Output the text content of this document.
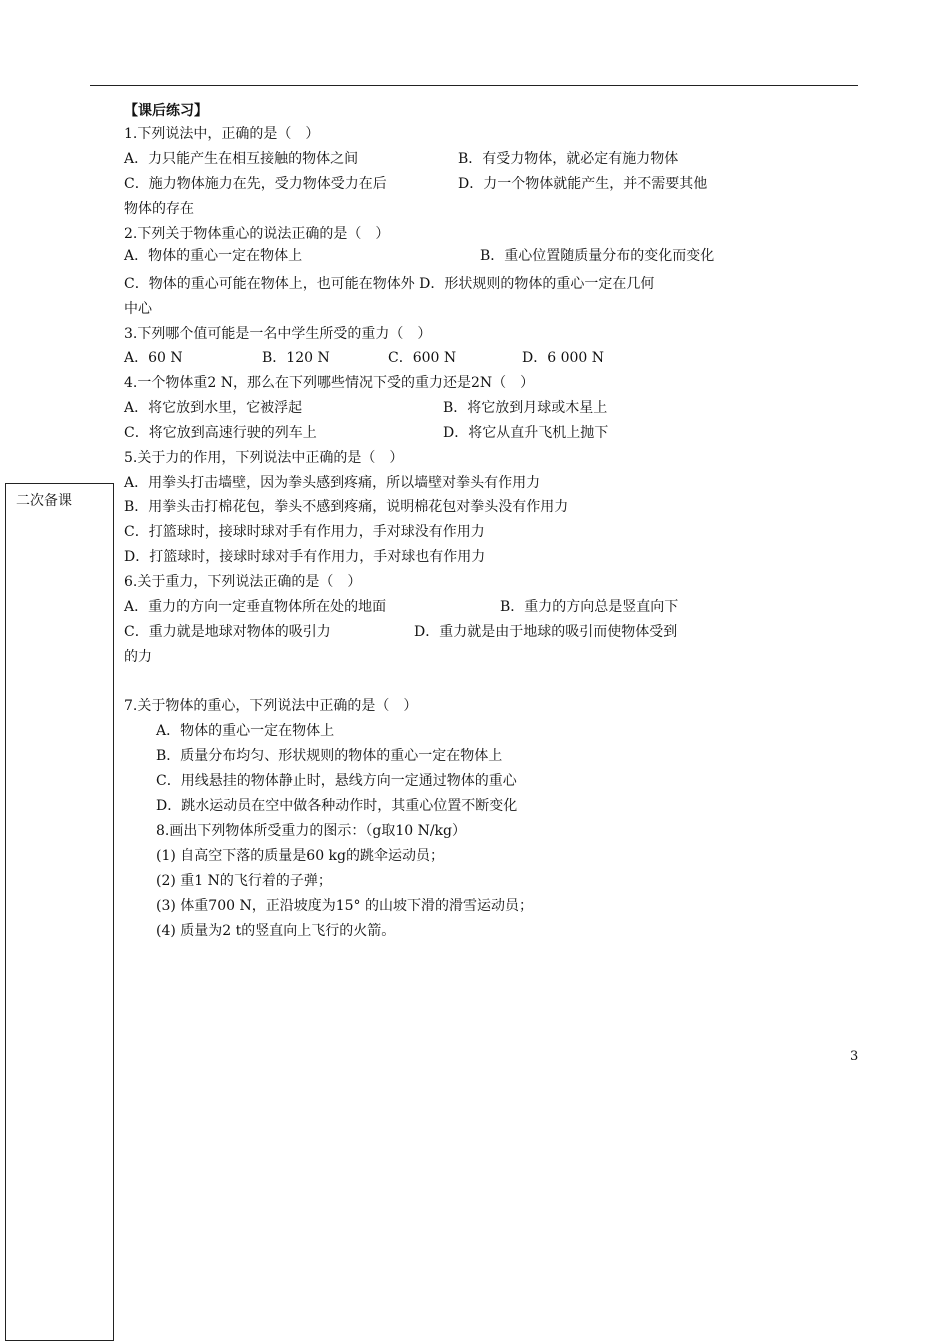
二次备课
【课后练习】
1.下列说法中，正确的是（　）
A．力只能产生在相互接触的物体之间	B．有受力物体，就必定有施力物体
C．施力物体施力在先，受力物体受力在后	D．力一个物体就能产生，并不需要其他
物体的存在
2.下列关于物体重心的说法正确的是（　）
A．物体的重心一定在物体上	B．重心位置随质量分布的变化而变化
C．物体的重心可能在物体上，也可能在物体外 D．形状规则的物体的重心一定在几何
中心
3.下列哪个值可能是一名中学生所受的重力（　）
A．60 N	B．120 N	C．600 N	D．6 000 N
4.一个物体重2 N，那么在下列哪些情况下受的重力还是2N（　）
A．将它放到水里，它被浮起	B．将它放到月球或木星上
C．将它放到高速行驶的列车上	D．将它从直升飞机上抛下
5.关于力的作用，下列说法中正确的是（　）
A．用拳头打击墙壁，因为拳头感到疼痛，所以墙壁对拳头有作用力
B．用拳头击打棉花包，拳头不感到疼痛，说明棉花包对拳头没有作用力
C．打篮球时，接球时球对手有作用力，手对球没有作用力
D．打篮球时，接球时球对手有作用力，手对球也有作用力
6.关于重力，下列说法正确的是（　）
A．重力的方向一定垂直物体所在处的地面	B．重力的方向总是竖直向下
C．重力就是地球对物体的吸引力	D．重力就是由于地球的吸引而使物体受到
的力
7.关于物体的重心，下列说法中正确的是（　）
A．物体的重心一定在物体上
B．质量分布均匀、形状规则的物体的重心一定在物体上
C．用线悬挂的物体静止时，悬线方向一定通过物体的重心
D．跳水运动员在空中做各种动作时，其重心位置不断变化
8.画出下列物体所受重力的图示：（g取10 N/kg）
(1) 自高空下落的质量是60 kg的跳伞运动员；
(2) 重1 N的飞行着的子弹；
(3) 体重700 N，正沿坡度为15° 的山坡下滑的滑雪运动员；
(4) 质量为2 t的竖直向上飞行的火箭。
3
